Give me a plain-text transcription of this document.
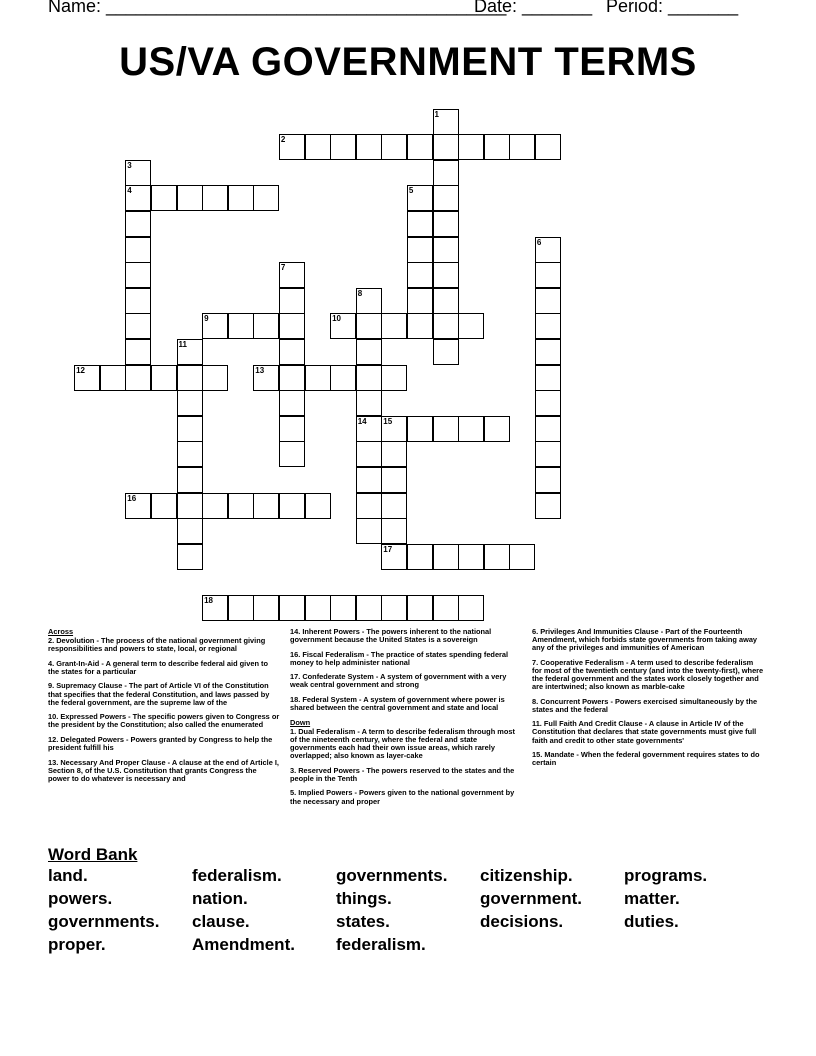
Name: ________________________________________
Date: _______ Period: _______
US/VA GOVERNMENT TERMS
1
2
3
4	5
6
7
8
14
9	10
11
12	13
15
17
16
18
Across
2. Devolution - The process of the national government giving responsibilities and powers to state, local, or regional
4. Grant-In-Aid - A general term to describe federal aid given to the states for a particular
9. Supremacy Clause - The part of Article VI of the Constitution that specifies that the federal Constitution, and laws passed by the federal government, are the supreme law of the
10. Expressed Powers - The specific powers given to Congress or the president by the Constitution; also called the enumerated
12. Delegated Powers - Powers granted by Congress to help the president fulfill his
13. Necessary And Proper Clause - A clause at the end of Article I, Section 8, of the U.S. Constitution that grants Congress the power to do whatever is necessary and
14. Inherent Powers - The powers inherent to the national government because the United States is a sovereign
16. Fiscal Federalism - The practice of states spending federal money to help administer national
17. Confederate System - A system of government with a very weak central government and strong
18. Federal System - A system of government where power is shared between the central government and state and local
Down
1. Dual Federalism - A term to describe federalism through most of the nineteenth century, where the federal and state governments each had their own issue areas, which rarely overlapped; also known as layer-cake
3. Reserved Powers - The powers reserved to the states and the people in the Tenth
5. Implied Powers - Powers given to the national government by the necessary and proper
6. Privileges And Immunities Clause - Part of the Fourteenth Amendment, which forbids state governments from taking away any of the privileges and immunities of American
7. Cooperative Federalism - A term used to describe federalism for most of the twentieth century (and into the twenty-first), where the federal government and the states work closely together and are intertwined; also known as marble-cake
8. Concurrent Powers - Powers exercised simultaneously by the states and the federal
11. Full Faith And Credit Clause - A clause in Article IV of the Constitution that declares that state governments must give full faith and credit to other state governments'
15. Mandate - When the federal government requires states to do certain
Word Bank
land.	federalism.	governments.	citizenship.	programs.
powers.	nation.	things.	government.	matter.
governments.	clause.	states.	decisions.	duties.
proper.	Amendment.	federalism.
